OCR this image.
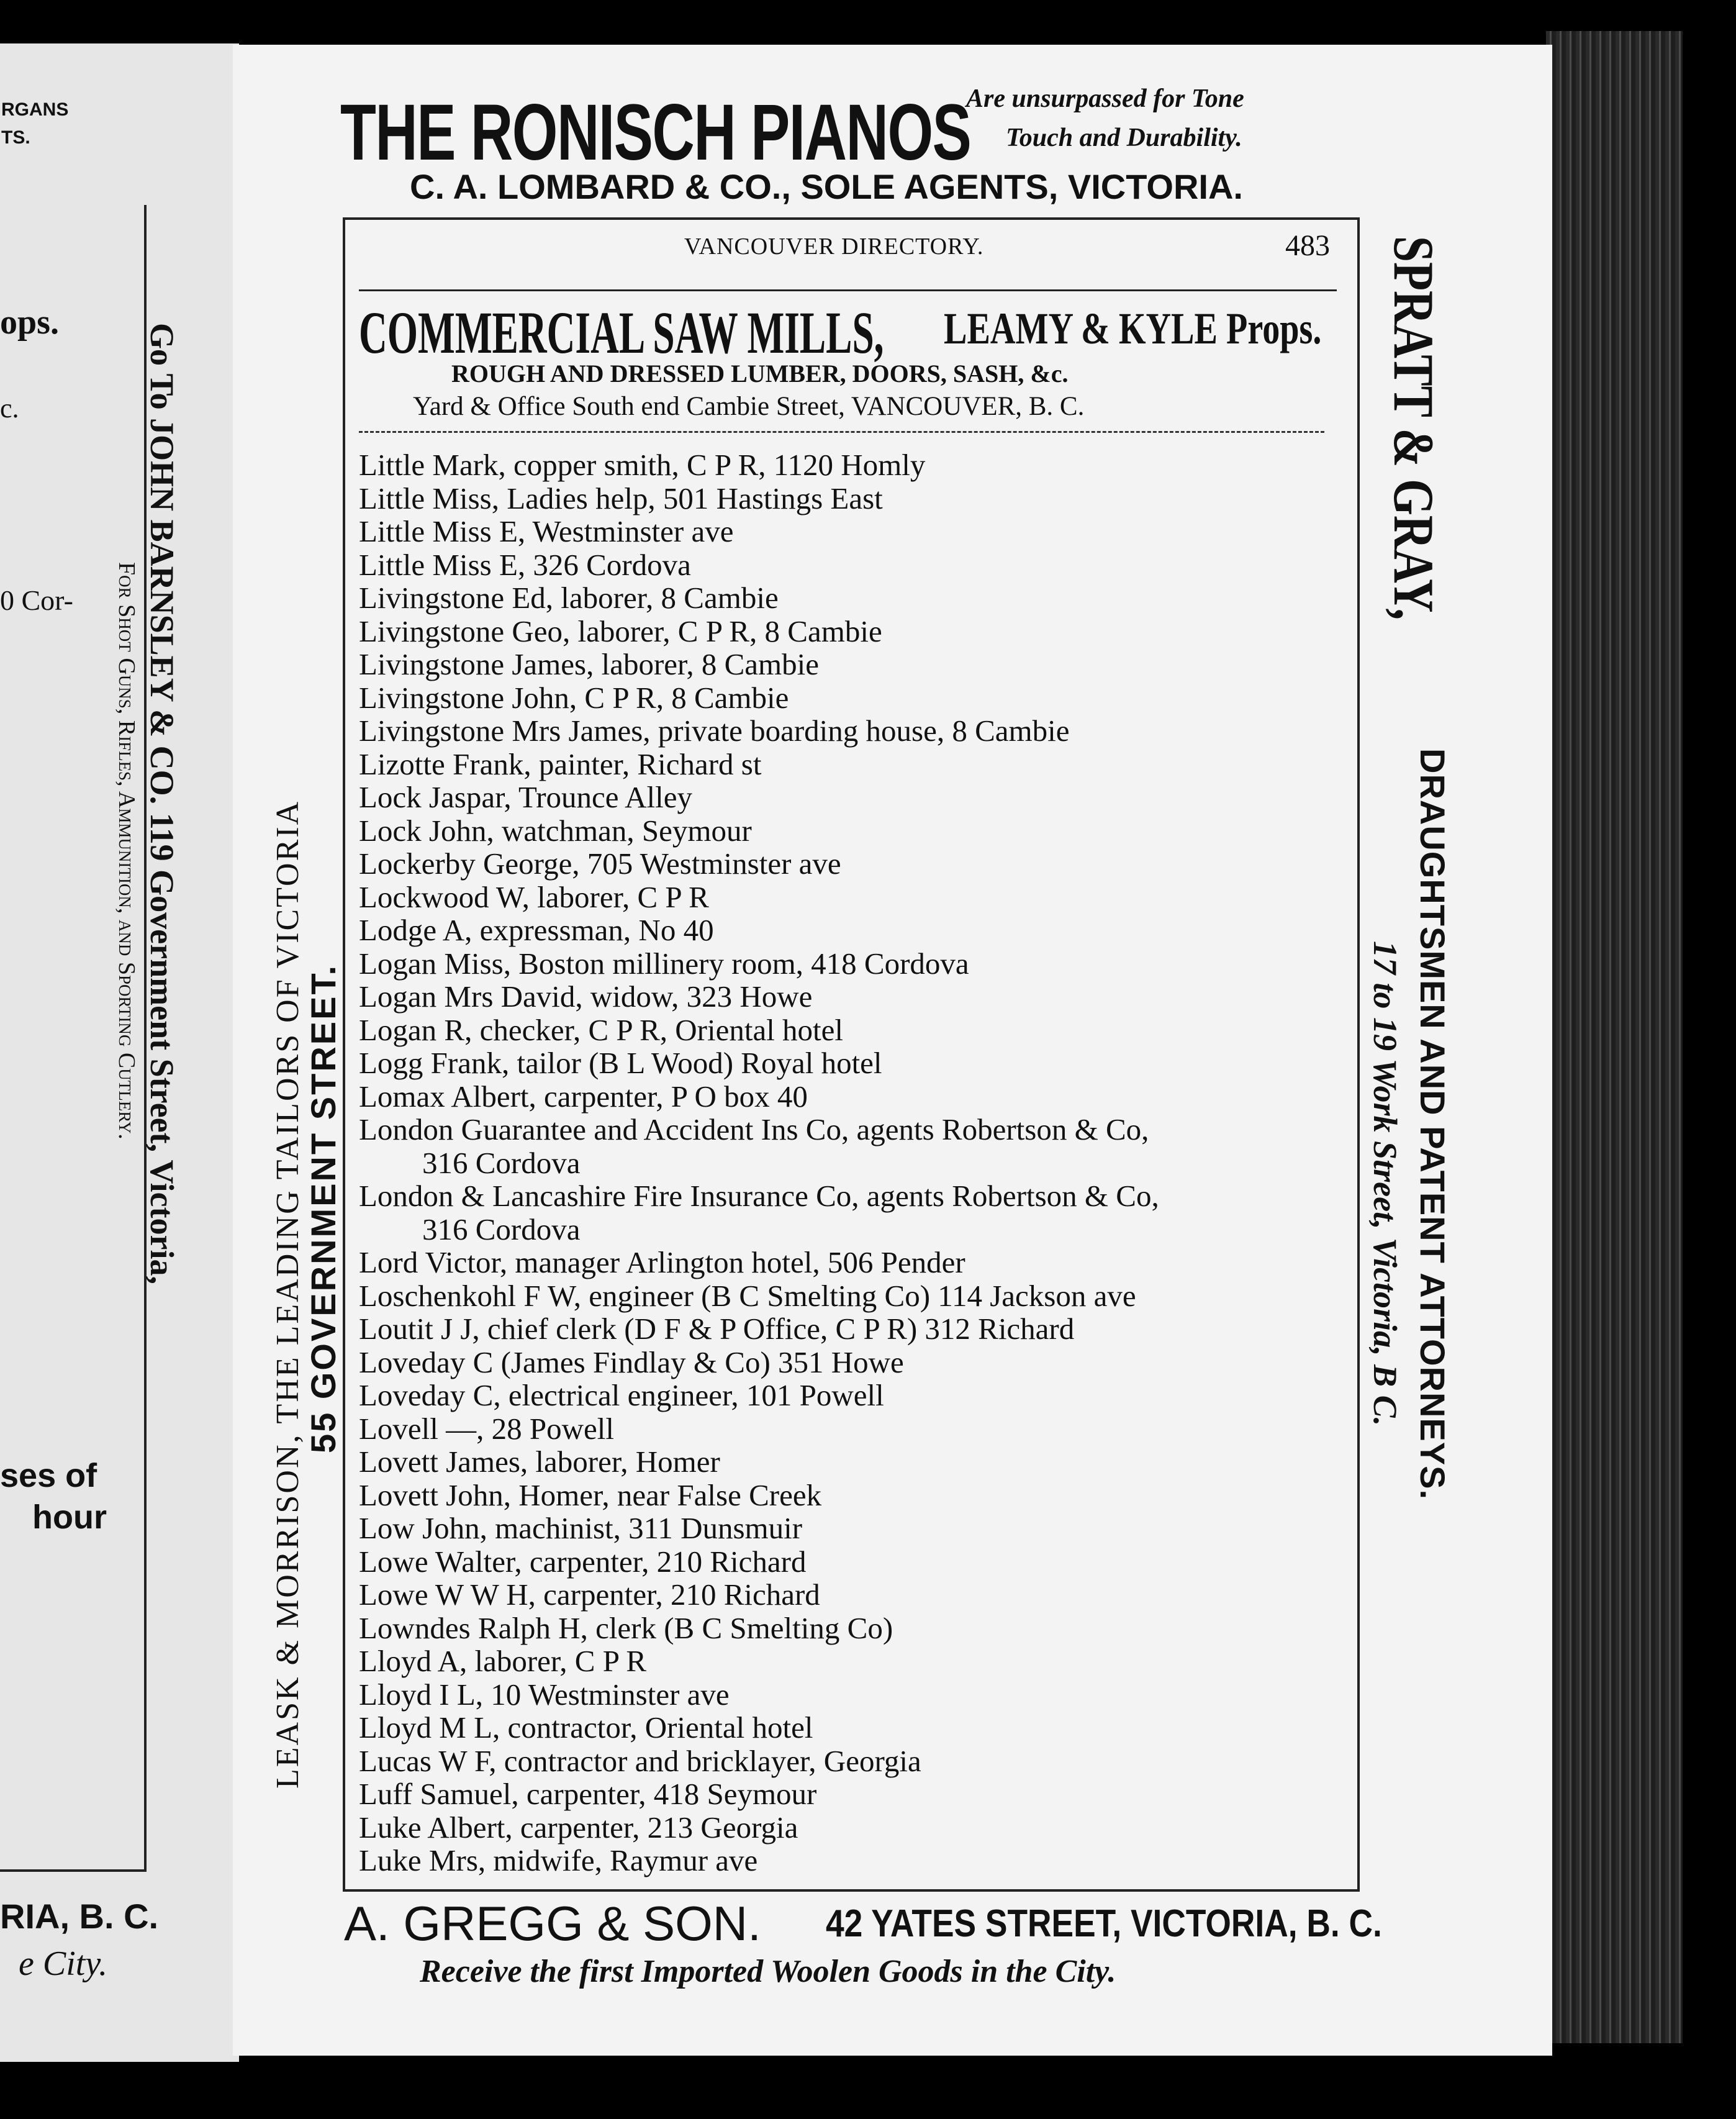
RGANS
TS.
ops.
c.
0 Cor-
ses of
hour
RIA, B. C.
e City.
Go To JOHN BARNSLEY & CO. 119 Government Street, Victoria,
For Shot Guns, Rifles, Ammunition, and Sporting Cutlery.
THE RONISCH PIANOS
Are unsurpassed for Tone
Touch and Durability.
C. A. LOMBARD & CO., SOLE AGENTS, VICTORIA.
VANCOUVER DIRECTORY.	483
COMMERCIAL SAW MILLS, LEAMY & KYLE Props.
ROUGH AND DRESSED LUMBER, DOORS, SASH, &c.
Yard & Office South end Cambie Street, VANCOUVER, B. C.
LEASK & MORRISON, THE LEADING TAILORS OF VICTORIA
55 GOVERNMENT STREET.
SPRATT & GRAY,
DRAUGHTSMEN AND PATENT ATTORNEYS.
17 to 19 Work Street, Victoria, B C.
Little Mark, copper smith, C P R, 1120 Homly
Little Miss, Ladies help, 501 Hastings East
Little Miss E, Westminster ave
Little Miss E, 326 Cordova
Livingstone Ed, laborer, 8 Cambie
Livingstone Geo, laborer, C P R, 8 Cambie
Livingstone James, laborer, 8 Cambie
Livingstone John, C P R, 8 Cambie
Livingstone Mrs James, private boarding house, 8 Cambie
Lizotte Frank, painter, Richard st
Lock Jaspar, Trounce Alley
Lock John, watchman, Seymour
Lockerby George, 705 Westminster ave
Lockwood W, laborer, C P R
Lodge A, expressman, No 40
Logan Miss, Boston millinery room, 418 Cordova
Logan Mrs David, widow, 323 Howe
Logan R, checker, C P R, Oriental hotel
Logg Frank, tailor (B L Wood) Royal hotel
Lomax Albert, carpenter, P O box 40
London Guarantee and Accident Ins Co, agents Robertson & Co,
316 Cordova
London & Lancashire Fire Insurance Co, agents Robertson & Co,
316 Cordova
Lord Victor, manager Arlington hotel, 506 Pender
Loschenkohl F W, engineer (B C Smelting Co) 114 Jackson ave
Loutit J J, chief clerk (D F & P Office, C P R) 312 Richard
Loveday C (James Findlay & Co) 351 Howe
Loveday C, electrical engineer, 101 Powell
Lovell —, 28 Powell
Lovett James, laborer, Homer
Lovett John, Homer, near False Creek
Low John, machinist, 311 Dunsmuir
Lowe Walter, carpenter, 210 Richard
Lowe W W H, carpenter, 210 Richard
Lowndes Ralph H, clerk (B C Smelting Co)
Lloyd A, laborer, C P R
Lloyd I L, 10 Westminster ave
Lloyd M L, contractor, Oriental hotel
Lucas W F, contractor and bricklayer, Georgia
Luff Samuel, carpenter, 418 Seymour
Luke Albert, carpenter, 213 Georgia
Luke Mrs, midwife, Raymur ave
A. GREGG & SON. 42 YATES STREET, VICTORIA, B. C.
Receive the first Imported Woolen Goods in the City.
